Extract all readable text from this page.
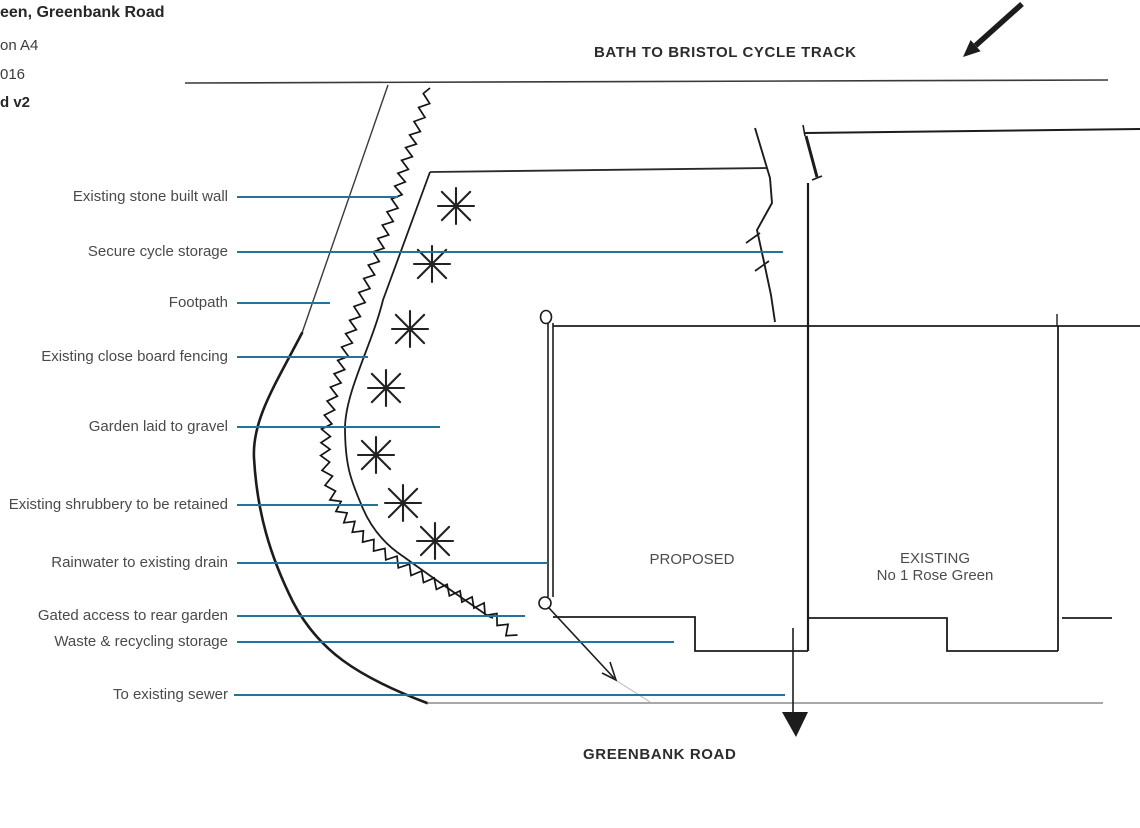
een, Greenbank Road
on A4
016
d v2
BATH TO BRISTOL CYCLE TRACK
GREENBANK ROAD
PROPOSED	EXISTING
No 1 Rose Green
Existing stone built wall
Secure cycle storage
Footpath
Existing close board fencing
Garden laid to gravel
Existing shrubbery to be retained
Rainwater to existing drain
Gated access to rear garden
Waste & recycling storage
To existing sewer
